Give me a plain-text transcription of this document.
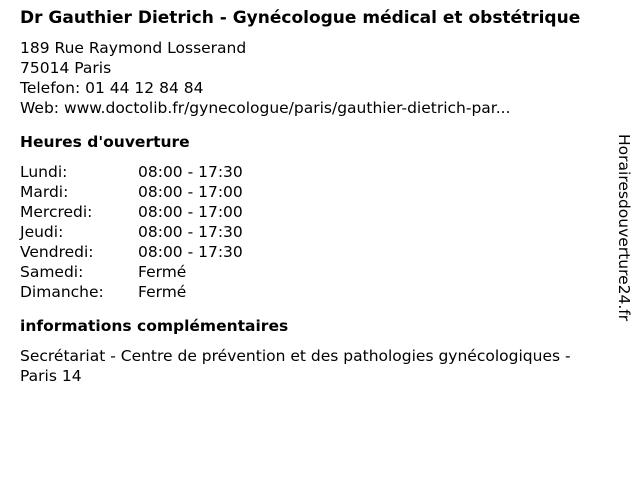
Dr Gauthier Dietrich - Gynécologue médical et obstétrique
189 Rue Raymond Losserand
75014 Paris
Telefon: 01 44 12 84 84
Web: www.doctolib.fr/gynecologue/paris/gauthier-dietrich-par...
Heures d'ouverture
Lundi:	08:00 - 17:30
Mardi:	08:00 - 17:00
Mercredi:	08:00 - 17:00
Jeudi:	08:00 - 17:30
Vendredi:	08:00 - 17:30
Samedi:	Fermé
Dimanche:	Fermé
informations complémentaires
Secrétariat - Centre de prévention et des pathologies gynécologiques - Paris 14
Horairesdouverture24.fr
